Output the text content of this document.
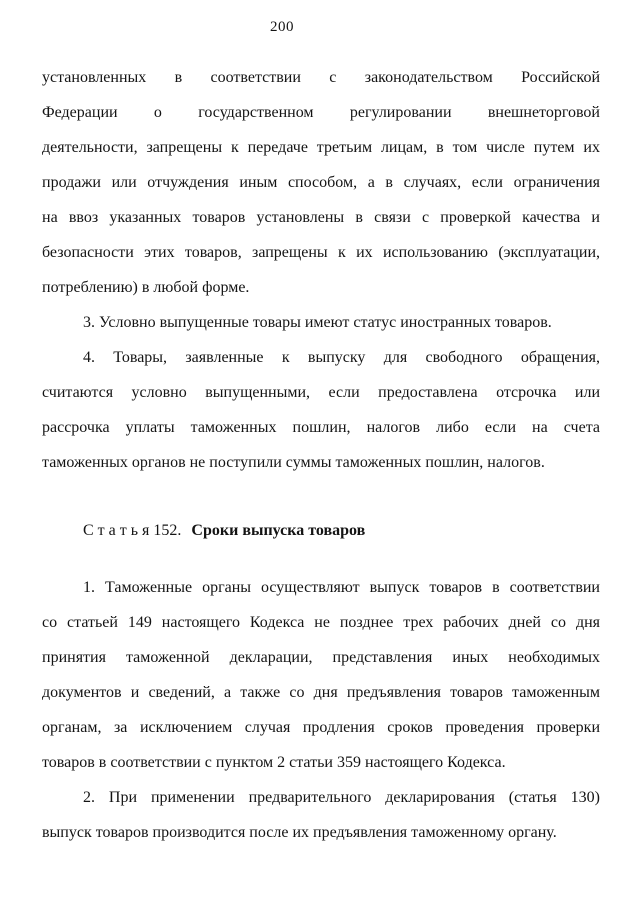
200
установленных в соответствии с законодательством Российской
Федерации о государственном регулировании внешнеторговой
деятельности, запрещены к передаче третьим лицам, в том числе путем их
продажи или отчуждения иным способом, а в случаях, если ограничения
на ввоз указанных товаров установлены в связи с проверкой качества и
безопасности этих товаров, запрещены к их использованию (эксплуатации,
потреблению) в любой форме.
3. Условно выпущенные товары имеют статус иностранных товаров.
4. Товары, заявленные к выпуску для свободного обращения,
считаются условно выпущенными, если предоставлена отсрочка или
рассрочка уплаты таможенных пошлин, налогов либо если на счета
таможенных органов не поступили суммы таможенных пошлин, налогов.
С т а т ь я 152. Сроки выпуска товаров
1. Таможенные органы осуществляют выпуск товаров в соответствии
со статьей 149 настоящего Кодекса не позднее трех рабочих дней со дня
принятия таможенной декларации, представления иных необходимых
документов и сведений, а также со дня предъявления товаров таможенным
органам, за исключением случая продления сроков проведения проверки
товаров в соответствии с пунктом 2 статьи 359 настоящего Кодекса.
2. При применении предварительного декларирования (статья 130)
выпуск товаров производится после их предъявления таможенному органу.
